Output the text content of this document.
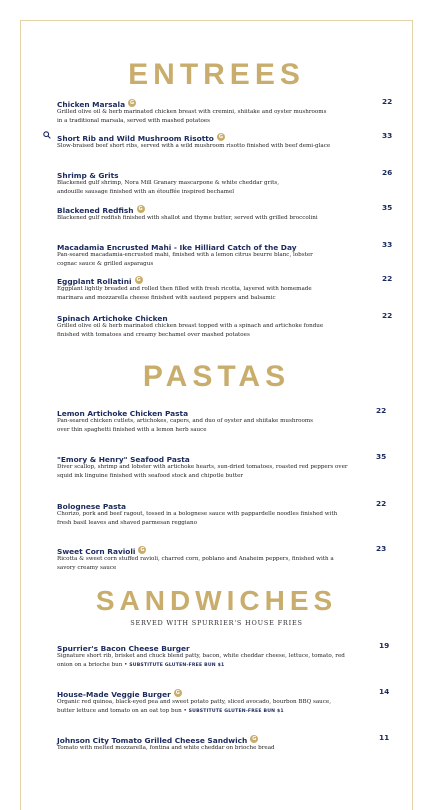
ENTREES
PASTAS
SANDWICHES
SERVED WITH SPURRIER'S HOUSE FRIES
Chicken Marsala G	22
Grilled olive oil & herb marinated chicken breast with cremini, shiitake and oyster mushrooms
in a traditional marsala, served with mashed potatoes
Short Rib and Wild Mushroom Risotto G	33
Slow-braised beef short ribs, served with a wild mushroom risotto finished with beef demi-glace
Shrimp & Grits	26
Blackened gulf shrimp, Nora Mill Granary mascarpone & white cheddar grits,
andouille sausage finished with an étouffée inspired bechamel
Blackened Redfish G	35
Blackened gulf redfish finished with shallot and thyme butter, served with grilled broccolini
Macadamia Encrusted Mahi - Ike Hilliard Catch of the Day	33
Pan-seared macadamia-encrusted mahi, finished with a lemon citrus beurre blanc, lobster
cognac sauce & grilled asparagus
Eggplant Rollatini G	22
Eggplant lightly breaded and rolled then filled with fresh ricotta, layered with homemade
marinara and mozzarella cheese finished with sauteed peppers and balsamic
Spinach Artichoke Chicken	22
Grilled olive oil & herb marinated chicken breast topped with a spinach and artichoke fondue
finished with tomatoes and creamy bechamel over mashed potatoes
Lemon Artichoke Chicken Pasta	22
Pan-seared chicken cutlets, artichokes, capers, and duo of oyster and shiitake mushrooms
over thin spaghetti finished with a lemon herb sauce
"Emory & Henry" Seafood Pasta	35
Diver scallop, shrimp and lobster with artichoke hearts, sun-dried tomatoes, roasted red peppers over
squid ink linguine finished with seafood stock and chipotle butter
Bolognese Pasta	22
Chorizo, pork and beef ragout, tossed in a bolognese sauce with pappardelle noodles finished with
fresh basil leaves and shaved parmesan reggiano
Sweet Corn Ravioli G	23
Ricotta & sweet corn stuffed ravioli, charred corn, poblano and Anaheim peppers, finished with a
savory creamy sauce
Spurrier's Bacon Cheese Burger	19
Signature short rib, brisket and chuck blend patty, bacon, white cheddar cheese, lettuce, tomato, red
onion on a brioche bun • SUBSTITUTE GLUTEN-FREE BUN $1
House-Made Veggie Burger G	14
Organic red quinoa, black-eyed pea and sweet potato patty, sliced avocado, bourbon BBQ sauce,
butter lettuce and tomato on an oat top bun • SUBSTITUTE GLUTEN-FREE BUN $1
Johnson City Tomato Grilled Cheese Sandwich G	11
Tomato with melted mozzarella, fontina and white cheddar on brioche bread
